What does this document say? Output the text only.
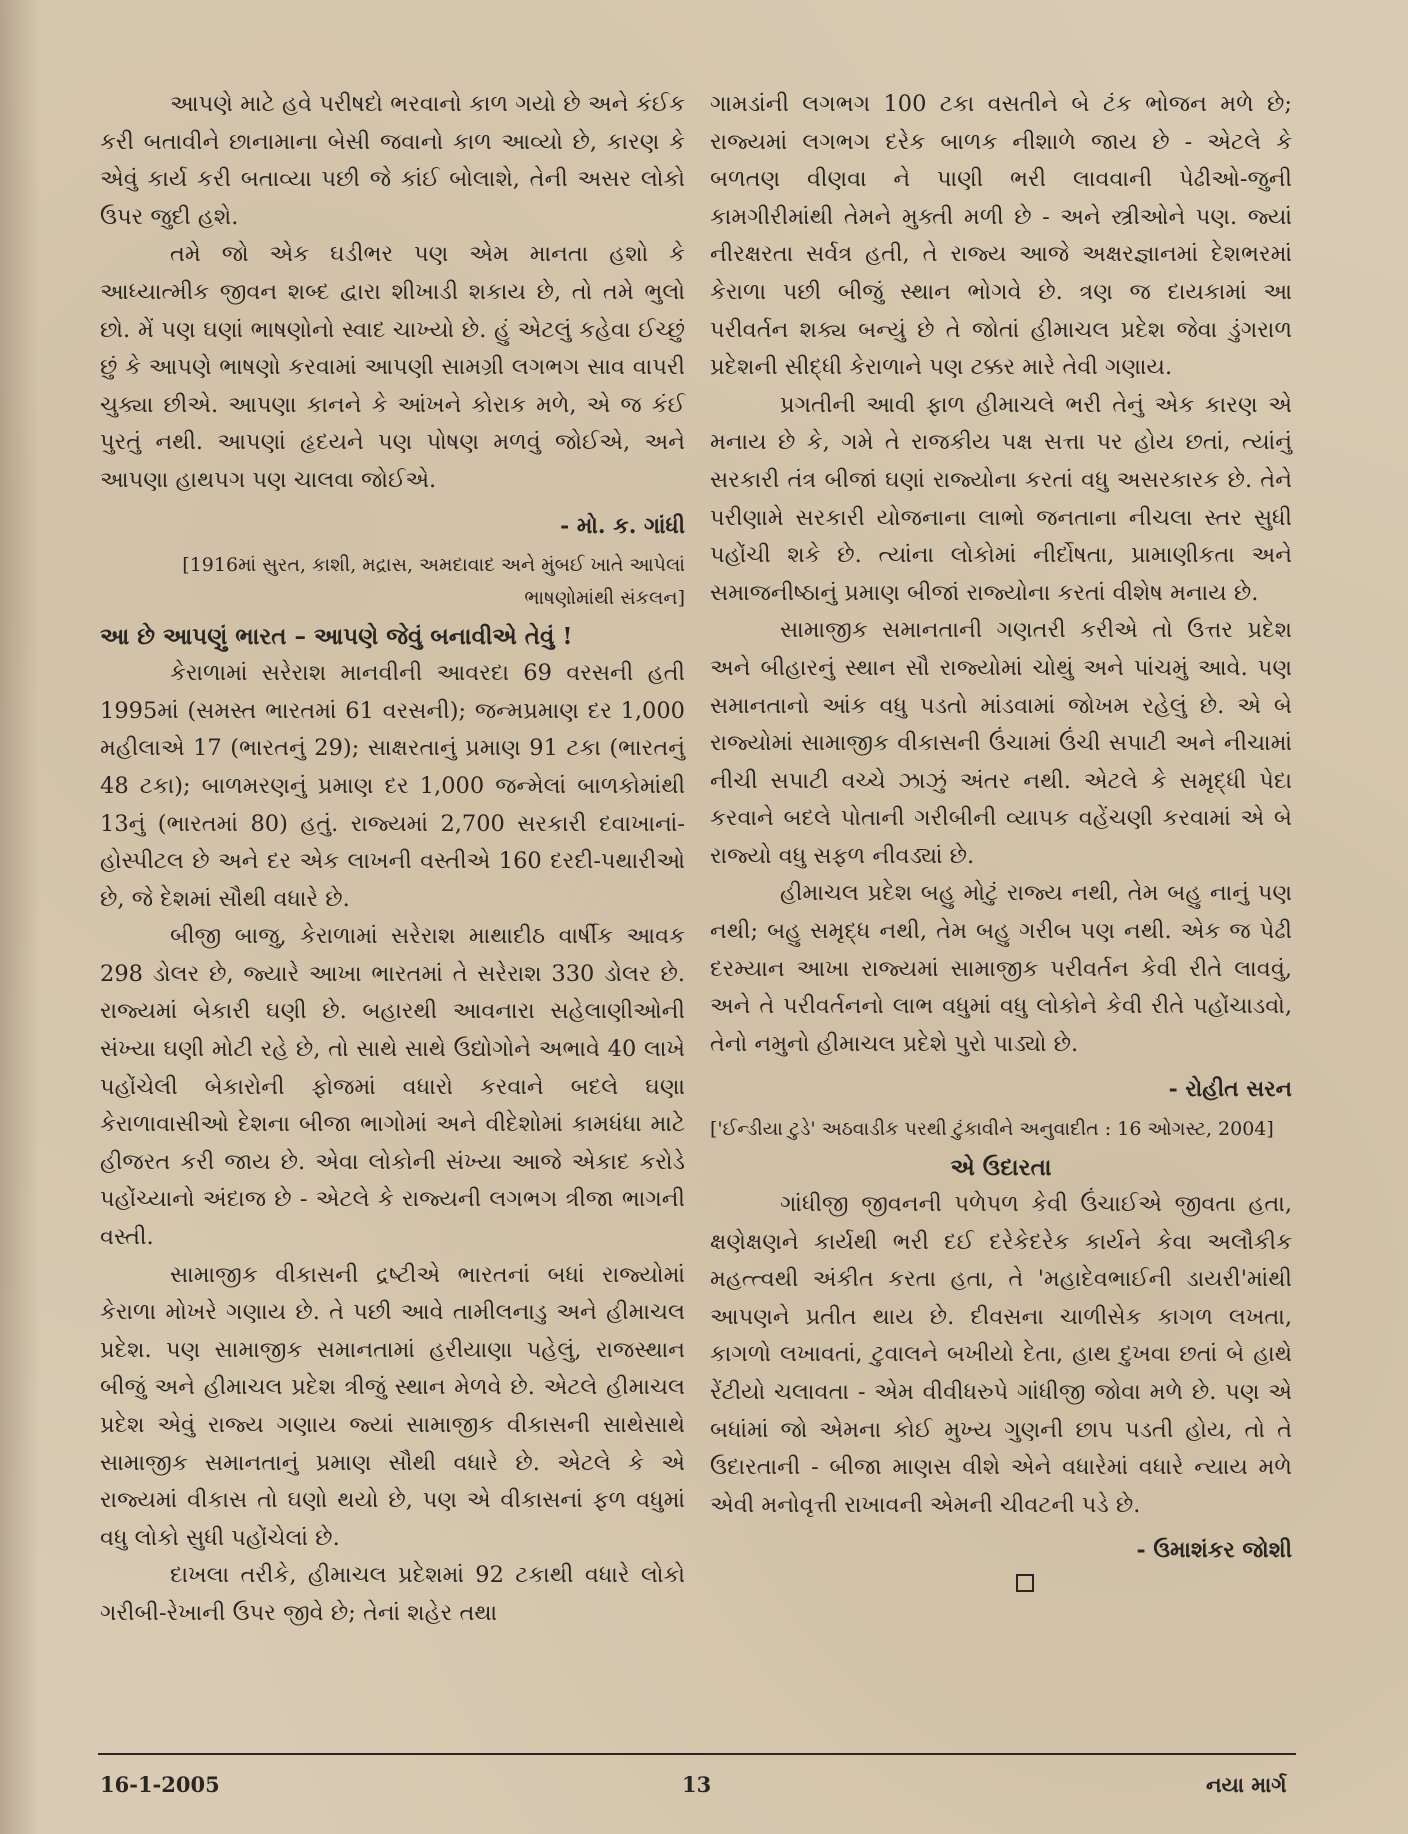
આપણે માટે હવે પરીષદો ભરવાનો કાળ ગયો છે અને કંઈક કરી બતાવીને છાનામાના બેસી જવાનો કાળ આવ્યો છે, કારણ કે એવું કાર્ય કરી બતાવ્યા પછી જે કાંઈ બોલાશે, તેની અસર લોકો ઉપર જુદી હશે.

તમે જો એક ઘડીભર પણ એમ માનતા હશો કે આધ્યાત્મીક જીવન શબ્દ દ્વારા શીખાડી શકાય છે, તો તમે ભુલો છો. મેં પણ ઘણાં ભાષણોનો સ્વાદ ચાખ્યો છે. હું એટલું કહેવા ઈચ્છું છું કે આપણે ભાષણો કરવામાં આપણી સામગ્રી લગભગ સાવ વાપરી ચુક્યા છીએ. આપણા કાનને કે આંખને કોરાક મળે, એ જ કંઈ પુરતું નથી. આપણાં હૃદયને પણ પોષણ મળવું જોઈએ, અને આપણા હાથપગ પણ ચાલવા જોઈએ.

- મો. ક. ગાંધી

[1916માં સુરત, કાશી, મદ્રાસ, અમદાવાદ અને મુંબઈ ખાતે આપેલાં ભાષણોમાંથી સંકલન]

આ છે આપણું ભારત – આપણે જેવું બનાવીએ તેવું !

કેરાળામાં સરેરાશ માનવીની આવરદા 69 વરસની હતી 1995માં (સમસ્ત ભારતમાં 61 વરસની); જન્મપ્રમાણ દર 1,000 મહીલાએ 17 (ભારતનું 29); સાક્ષરતાનું પ્રમાણ 91 ટકા (ભારતનું 48 ટકા); બાળમરણનું પ્રમાણ દર 1,000 જન્મેલાં બાળકોમાંથી 13નું (ભારતમાં 80) હતું. રાજ્યમાં 2,700 સરકારી દવાખાનાં-હોસ્પીટલ છે અને દર એક લાખની વસ્તીએ 160 દરદી-પથારીઓ છે, જે દેશમાં સૌથી વધારે છે.

બીજી બાજુ, કેરાળામાં સરેરાશ માથાદીઠ વાર્ષીક આવક 298 ડોલર છે, જ્યારે આખા ભારતમાં તે સરેરાશ 330 ડોલર છે. રાજ્યમાં બેકારી ઘણી છે. બહારથી આવનારા સહેલાણીઓની સંખ્યા ઘણી મોટી રહે છે, તો સાથે સાથે ઉદ્યોગોને અભાવે 40 લાખે પહોંચેલી બેકારોની ફોજમાં વધારો કરવાને બદલે ઘણા કેરાળાવાસીઓ દેશના બીજા ભાગોમાં અને વીદેશોમાં કામધંધા માટે હીજરત કરી જાય છે. એવા લોકોની સંખ્યા આજે એકાદ કરોડે પહોંચ્યાનો અંદાજ છે - એટલે કે રાજ્યની લગભગ ત્રીજા ભાગની વસ્તી.

સામાજીક વીકાસની દ્રષ્ટીએ ભારતનાં બધાં રાજ્યોમાં કેરાળા મોખરે ગણાય છે. તે પછી આવે તામીલનાડુ અને હીમાચલ પ્રદેશ. પણ સામાજીક સમાનતામાં હરીયાણા પહેલું, રાજસ્થાન બીજું અને હીમાચલ પ્રદેશ ત્રીજું સ્થાન મેળવે છે. એટલે હીમાચલ પ્રદેશ એવું રાજ્ય ગણાય જ્યાં સામાજીક વીકાસની સાથેસાથે સામાજીક સમાનતાનું પ્રમાણ સૌથી વધારે છે. એટલે કે એ રાજ્યમાં વીકાસ તો ઘણો થયો છે, પણ એ વીકાસનાં ફળ વધુમાં વધુ લોકો સુધી પહોંચેલાં છે.

દાખલા તરીકે, હીમાચલ પ્રદેશમાં 92 ટકાથી વધારે લોકો ગરીબી-રેખાની ઉપર જીવે છે; તેનાં શહેર તથા

ગામડાંની લગભગ 100 ટકા વસતીને બે ટંક ભોજન મળે છે; રાજ્યમાં લગભગ દરેક બાળક નીશાળે જાય છે - એટલે કે બળતણ વીણવા ને પાણી ભરી લાવવાની પેઢીઓ-જુની કામગીરીમાંથી તેમને મુક્તી મળી છે - અને સ્ત્રીઓને પણ. જ્યાં નીરક્ષરતા સર્વત્ર હતી, તે રાજ્ય આજે અક્ષરજ્ઞાનમાં દેશભરમાં કેરાળા પછી બીજું સ્થાન ભોગવે છે. ત્રણ જ દાયકામાં આ પરીવર્તન શક્ય બન્યું છે તે જોતાં હીમાચલ પ્રદેશ જેવા ડુંગરાળ પ્રદેશની સીદ્ધી કેરાળાને પણ ટક્કર મારે તેવી ગણાય.

પ્રગતીની આવી ફાળ હીમાચલે ભરી તેનું એક કારણ એ મનાય છે કે, ગમે તે રાજકીય પક્ષ સત્તા પર હોય છતાં, ત્યાંનું સરકારી તંત્ર બીજાં ઘણાં રાજ્યોના કરતાં વધુ અસરકારક છે. તેને પરીણામે સરકારી યોજનાના લાભો જનતાના નીચલા સ્તર સુધી પહોંચી શકે છે. ત્યાંના લોકોમાં નીર્દોષતા, પ્રામાણીકતા અને સમાજનીષ્ઠાનું પ્રમાણ બીજાં રાજ્યોના કરતાં વીશેષ મનાય છે.

સામાજીક સમાનતાની ગણતરી કરીએ તો ઉત્તર પ્રદેશ અને બીહારનું સ્થાન સૌ રાજ્યોમાં ચોથું અને પાંચમું આવે. પણ સમાનતાનો આંક વધુ પડતો માંડવામાં જોખમ રહેલું છે. એ બે રાજ્યોમાં સામાજીક વીકાસની ઉંચામાં ઉંચી સપાટી અને નીચામાં નીચી સપાટી વચ્ચે ઝાઝું અંતર નથી. એટલે કે સમૃદ્ધી પેદા કરવાને બદલે પોતાની ગરીબીની વ્યાપક વહેંચણી કરવામાં એ બે રાજ્યો વધુ સફળ નીવડ્યાં છે.

હીમાચલ પ્રદેશ બહુ મોટું રાજ્ય નથી, તેમ બહુ નાનું પણ નથી; બહુ સમૃદ્ધ નથી, તેમ બહુ ગરીબ પણ નથી. એક જ પેઢી દરમ્યાન આખા રાજ્યમાં સામાજીક પરીવર્તન કેવી રીતે લાવવું, અને તે પરીવર્તનનો લાભ વધુમાં વધુ લોકોને કેવી રીતે પહોંચાડવો, તેનો નમુનો હીમાચલ પ્રદેશે પુરો પાડ્યો છે.

- રોહીત સરન

['ઈન્ડીયા ટુડે' અઠવાડીક પરથી ટુંકાવીને અનુવાદીત : 16 ઓગસ્ટ, 2004]

એ ઉદારતા

ગાંધીજી જીવનની પળેપળ કેવી ઉંચાઈએ જીવતા હતા, ક્ષણેક્ષણને કાર્યથી ભરી દઈ દરેકેદરેક કાર્યને કેવા અલૌકીક મહત્ત્વથી અંકીત કરતા હતા, તે 'મહાદેવભાઈની ડાયરી'માંથી આપણને પ્રતીત થાય છે. દીવસના ચાળીસેક કાગળ લખતા, કાગળો લખાવતાં, ટુવાલને બખીયો દેતા, હાથ દુખવા છતાં બે હાથે રેંટીયો ચલાવતા - એમ વીવીધરુપે ગાંધીજી જોવા મળે છે. પણ એ બધાંમાં જો એમના કોઈ મુખ્ય ગુણની છાપ પડતી હોય, તો તે ઉદારતાની - બીજા માણસ વીશે એને વધારેમાં વધારે ન્યાય મળે એવી મનોવૃત્તી રાખાવની એમની ચીવટની પડે છે.

- ઉમાશંકર જોશી
16-1-2005	13	નયા માર્ગ
